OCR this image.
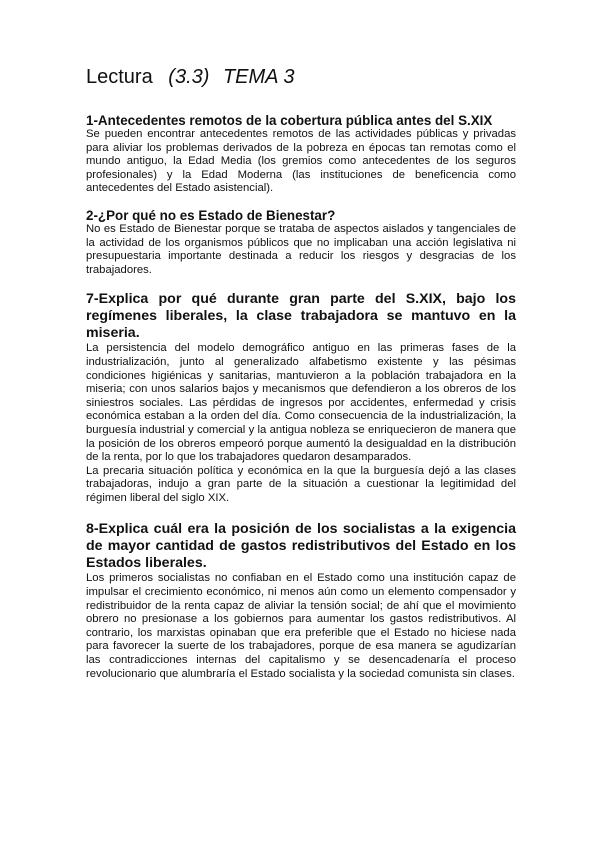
Lectura (3.3) TEMA 3
1-Antecedentes remotos de la cobertura pública antes del S.XIX

Se pueden encontrar antecedentes remotos de las actividades públicas y privadas para aliviar los problemas derivados de la pobreza en épocas tan remotas como el mundo antiguo, la Edad Media (los gremios como antecedentes de los seguros profesionales) y la Edad Moderna (las instituciones de beneficencia como antecedentes del Estado asistencial).

2-¿Por qué no es Estado de Bienestar?

No es Estado de Bienestar porque se trataba de aspectos aislados y tangenciales de la actividad de los organismos públicos que no implicaban una acción legislativa ni presupuestaria importante destinada a reducir los riesgos y desgracias de los trabajadores.

7-Explica por qué durante gran parte del S.XIX, bajo los regímenes liberales, la clase trabajadora se mantuvo en la miseria.

La persistencia del modelo demográfico antiguo en las primeras fases de la industrialización, junto al generalizado alfabetismo existente y las pésimas condiciones higiénicas y sanitarias, mantuvieron a la población trabajadora en la miseria; con unos salarios bajos y mecanismos que defendieron a los obreros de los siniestros sociales. Las pérdidas de ingresos por accidentes, enfermedad y crisis económica estaban a la orden del día. Como consecuencia de la industrialización, la burguesía industrial y comercial y la antigua nobleza se enriquecieron de manera que la posición de los obreros empeoró porque aumentó la desigualdad en la distribución de la renta, por lo que los trabajadores quedaron desamparados.

La precaria situación política y económica en la que la burguesía dejó a las clases trabajadoras, indujo a gran parte de la situación a cuestionar la legitimidad del régimen liberal del siglo XIX.

8-Explica cuál era la posición de los socialistas a la exigencia de mayor cantidad de gastos redistributivos del Estado en los Estados liberales.

Los primeros socialistas no confiaban en el Estado como una institución capaz de impulsar el crecimiento económico, ni menos aún como un elemento compensador y redistribuidor de la renta capaz de aliviar la tensión social; de ahí que el movimiento obrero no presionase a los gobiernos para aumentar los gastos redistributivos. Al contrario, los marxistas opinaban que era preferible que el Estado no hiciese nada para favorecer la suerte de los trabajadores, porque de esa manera se agudizarían las contradicciones internas del capitalismo y se desencadenaría el proceso revolucionario que alumbraría el Estado socialista y la sociedad comunista sin clases.
